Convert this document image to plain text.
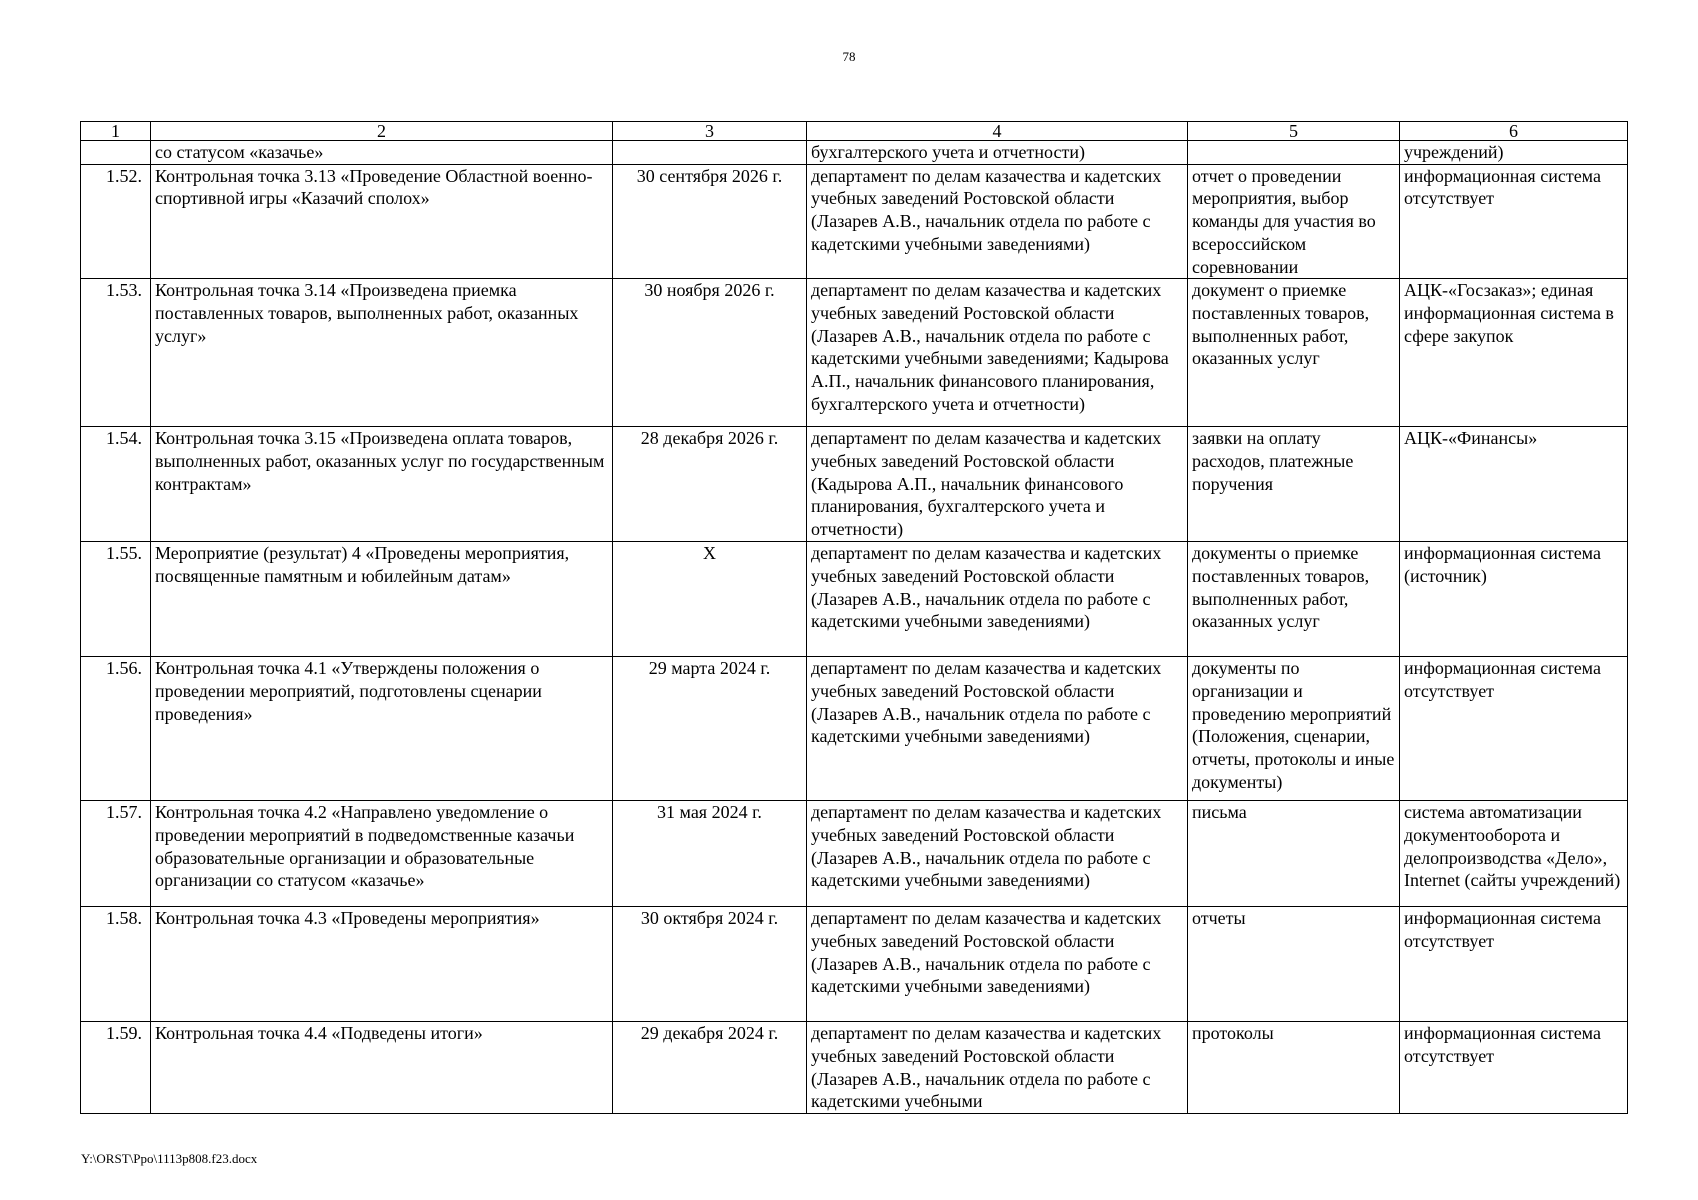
78
1	2	3	4	5	6
	со статусом «казачье»		бухгалтерского учета и отчетности)		учреждений)
1.52.	Контрольная точка 3.13 «Проведение Областной военно-спортивной игры «Казачий сполох»	30 сентября 2026 г.	департамент по делам казачества и кадетских учебных заведений Ростовской области (Лазарев А.В., начальник отдела по работе с кадетскими учебными заведениями)	отчет о проведении мероприятия, выбор команды для участия во всероссийском соревновании	информационная система отсутствует
1.53.	Контрольная точка 3.14 «Произведена приемка поставленных товаров, выполненных работ, оказанных услуг»	30 ноября 2026 г.	департамент по делам казачества и кадетских учебных заведений Ростовской области (Лазарев А.В., начальник отдела по работе с кадетскими учебными заведениями; Кадырова А.П., начальник финансового планирования, бухгалтерского учета и отчетности)	документ о приемке поставленных товаров, выполненных работ, оказанных услуг	АЦК-«Госзаказ»; единая информационная система в сфере закупок
1.54.	Контрольная точка 3.15 «Произведена оплата товаров, выполненных работ, оказанных услуг по государственным контрактам»	28 декабря 2026 г.	департамент по делам казачества и кадетских учебных заведений Ростовской области (Кадырова А.П., начальник финансового планирования, бухгалтерского учета и отчетности)	заявки на оплату расходов, платежные поручения	АЦК-«Финансы»
1.55.	Мероприятие (результат) 4 «Проведены мероприятия, посвященные памятным и юбилейным датам»	X	департамент по делам казачества и кадетских учебных заведений Ростовской области (Лазарев А.В., начальник отдела по работе с кадетскими учебными заведениями)	документы о приемке поставленных товаров, выполненных работ, оказанных услуг	информационная система (источник)
1.56.	Контрольная точка 4.1 «Утверждены положения о проведении мероприятий, подготовлены сценарии проведения»	29 марта 2024 г.	департамент по делам казачества и кадетских учебных заведений Ростовской области (Лазарев А.В., начальник отдела по работе с кадетскими учебными заведениями)	документы по организации и проведению мероприятий (Положения, сценарии, отчеты, протоколы и иные документы)	информационная система отсутствует
1.57.	Контрольная точка 4.2 «Направлено уведомление о проведении мероприятий в подведомственные казачьи образовательные организации и образовательные организации со статусом «казачье»	31 мая 2024 г.	департамент по делам казачества и кадетских учебных заведений Ростовской области (Лазарев А.В., начальник отдела по работе с кадетскими учебными заведениями)	письма	система автоматизации документооборота и делопроизводства «Дело», Internet (сайты учреждений)
1.58.	Контрольная точка 4.3 «Проведены мероприятия»	30 октября 2024 г.	департамент по делам казачества и кадетских учебных заведений Ростовской области (Лазарев А.В., начальник отдела по работе с кадетскими учебными заведениями)	отчеты	информационная система отсутствует
1.59.	Контрольная точка 4.4 «Подведены итоги»	29 декабря 2024 г.	департамент по делам казачества и кадетских учебных заведений Ростовской области (Лазарев А.В., начальник отдела по работе с кадетскими учебными	протоколы	информационная система отсутствует
Y:\ORST\Ppo\1113p808.f23.docx
